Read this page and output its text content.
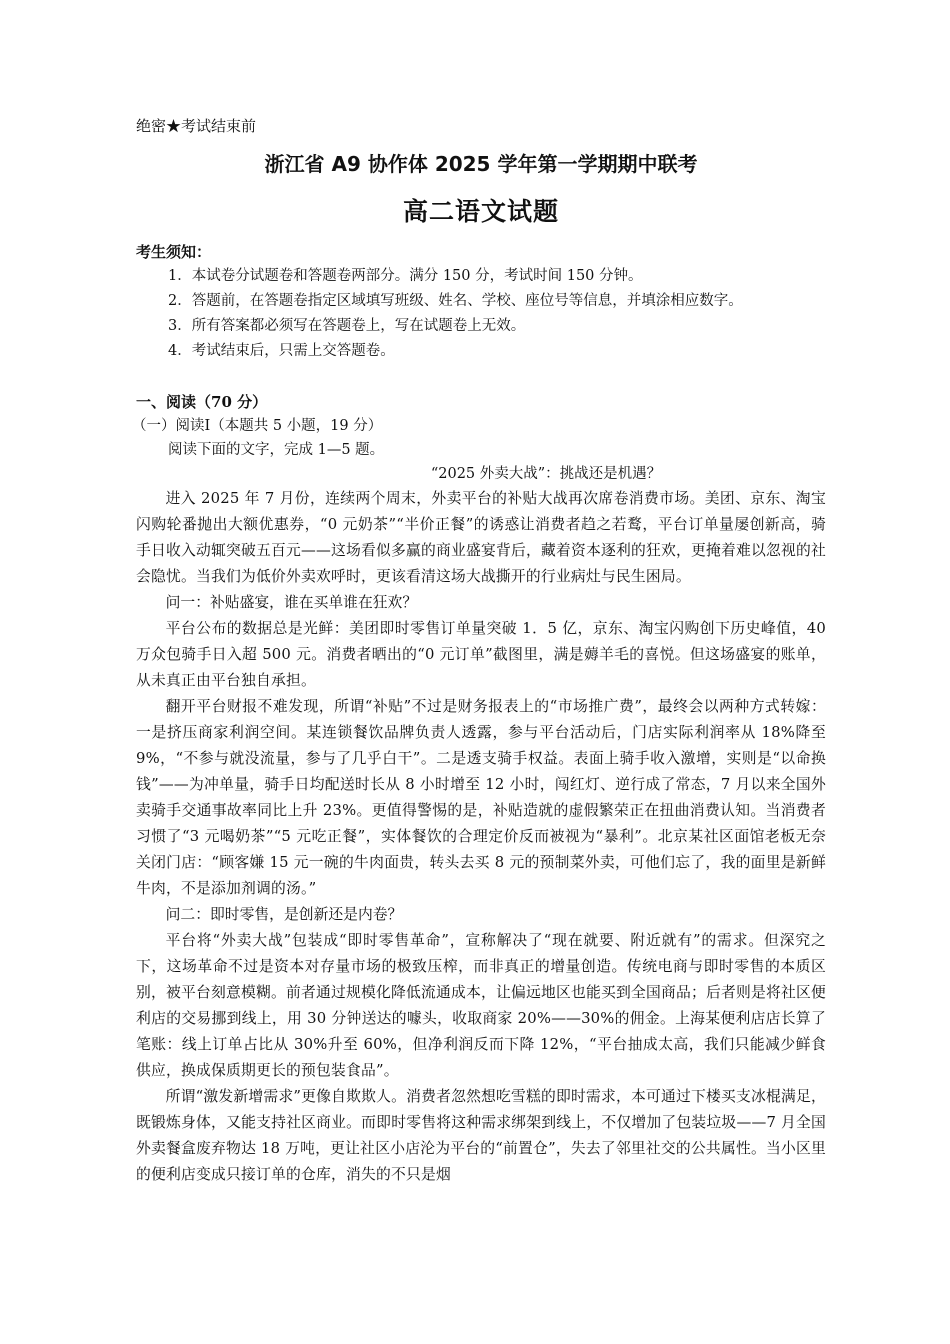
绝密★考试结束前
浙江省 A9 协作体 2025 学年第一学期期中联考
高二语文试题
考生须知：
1．本试卷分试题卷和答题卷两部分。满分 150 分，考试时间 150 分钟。
2．答题前，在答题卷指定区域填写班级、姓名、学校、座位号等信息，并填涂相应数字。
3．所有答案都必须写在答题卷上，写在试题卷上无效。
4．考试结束后，只需上交答题卷。
一、阅读（70 分）
（一）阅读Ⅰ（本题共 5 小题，19 分）
阅读下面的文字，完成 1—5 题。
“2025 外卖大战”：挑战还是机遇？
进入 2025 年 7 月份，连续两个周末，外卖平台的补贴大战再次席卷消费市场。美团、京东、淘宝闪购轮番抛出大额优惠券，“0 元奶茶”“半价正餐”的诱惑让消费者趋之若鹜，平台订单量屡创新高，骑手日收入动辄突破五百元——这场看似多赢的商业盛宴背后，藏着资本逐利的狂欢，更掩着难以忽视的社会隐忧。当我们为低价外卖欢呼时，更该看清这场大战撕开的行业病灶与民生困局。
问一：补贴盛宴，谁在买单谁在狂欢？
平台公布的数据总是光鲜：美团即时零售订单量突破 1．5 亿，京东、淘宝闪购创下历史峰值，40 万众包骑手日入超 500 元。消费者晒出的“0 元订单”截图里，满是薅羊毛的喜悦。但这场盛宴的账单，从未真正由平台独自承担。
翻开平台财报不难发现，所谓“补贴”不过是财务报表上的“市场推广费”，最终会以两种方式转嫁：一是挤压商家利润空间。某连锁餐饮品牌负责人透露，参与平台活动后，门店实际利润率从 18%降至 9%，“不参与就没流量，参与了几乎白干”。二是透支骑手权益。表面上骑手收入激增，实则是“以命换钱”——为冲单量，骑手日均配送时长从 8 小时增至 12 小时，闯红灯、逆行成了常态，7 月以来全国外卖骑手交通事故率同比上升 23%。更值得警惕的是，补贴造就的虚假繁荣正在扭曲消费认知。当消费者习惯了“3 元喝奶茶”“5 元吃正餐”，实体餐饮的合理定价反而被视为“暴利”。北京某社区面馆老板无奈关闭门店：“顾客嫌 15 元一碗的牛肉面贵，转头去买 8 元的预制菜外卖，可他们忘了，我的面里是新鲜牛肉，不是添加剂调的汤。”
问二：即时零售，是创新还是内卷？
平台将“外卖大战”包装成“即时零售革命”，宣称解决了“现在就要、附近就有”的需求。但深究之下，这场革命不过是资本对存量市场的极致压榨，而非真正的增量创造。传统电商与即时零售的本质区别，被平台刻意模糊。前者通过规模化降低流通成本，让偏远地区也能买到全国商品；后者则是将社区便利店的交易挪到线上，用 30 分钟送达的噱头，收取商家 20%——30%的佣金。上海某便利店店长算了笔账：线上订单占比从 30%升至 60%，但净利润反而下降 12%，“平台抽成太高，我们只能减少鲜食供应，换成保质期更长的预包装食品”。
所谓“激发新增需求”更像自欺欺人。消费者忽然想吃雪糕的即时需求，本可通过下楼买支冰棍满足，既锻炼身体，又能支持社区商业。而即时零售将这种需求绑架到线上，不仅增加了包装垃圾——7 月全国外卖餐盒废弃物达 18 万吨，更让社区小店沦为平台的“前置仓”，失去了邻里社交的公共属性。当小区里的便利店变成只接订单的仓库，消失的不只是烟
